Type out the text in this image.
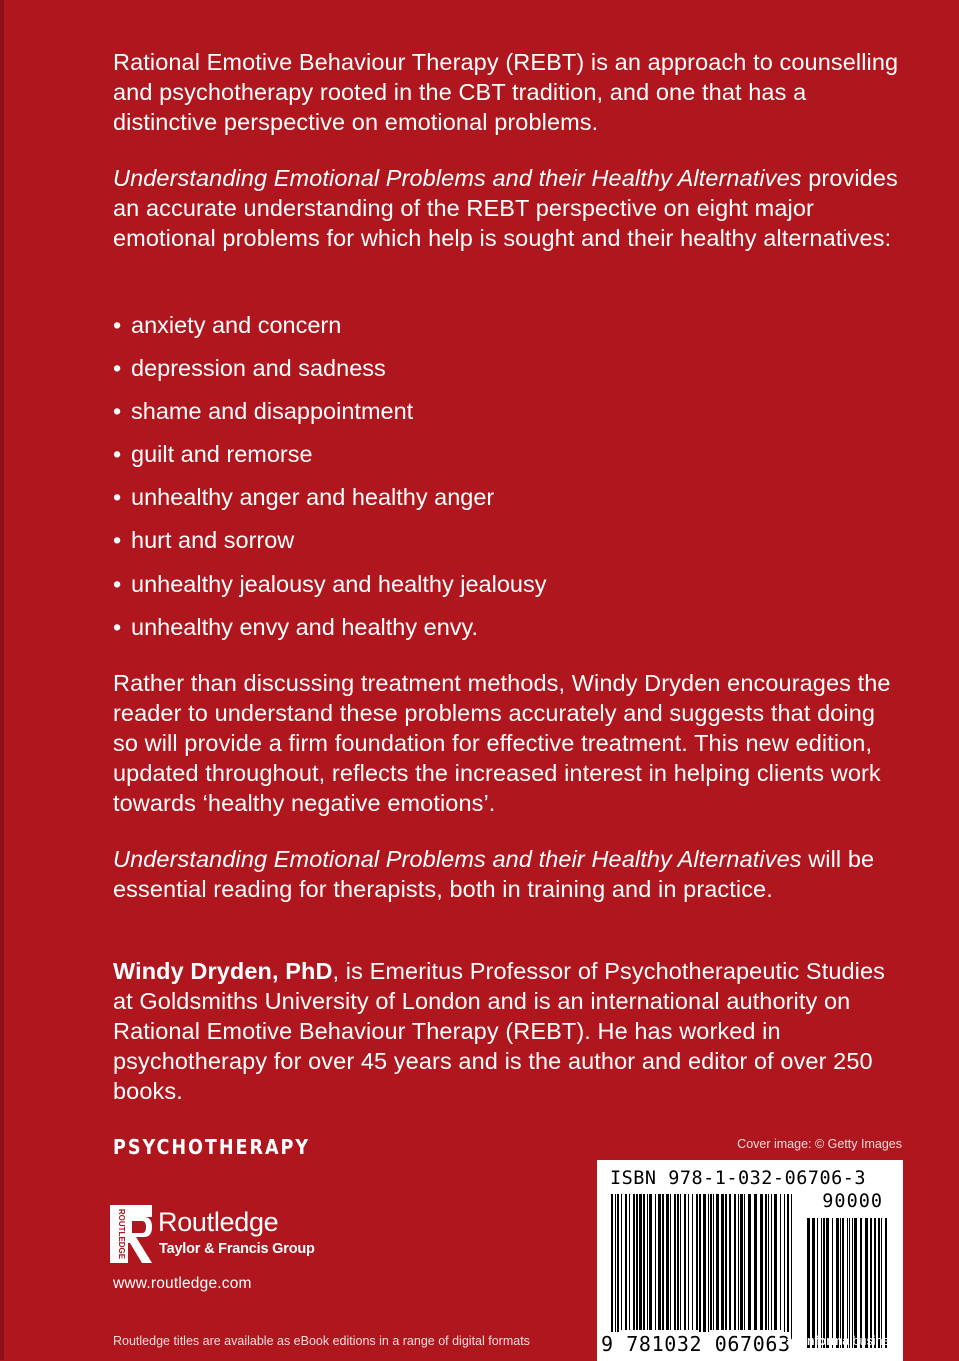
Rational Emotive Behaviour Therapy (REBT) is an approach to counselling and psychotherapy rooted in the CBT tradition, and one that has a distinctive perspective on emotional problems.

Understanding Emotional Problems and their Healthy Alternatives provides an accurate understanding of the REBT perspective on eight major emotional problems for which help is sought and their healthy alternatives:

• anxiety and concern
• depression and sadness
• shame and disappointment
• guilt and remorse
• unhealthy anger and healthy anger
• hurt and sorrow
• unhealthy jealousy and healthy jealousy
• unhealthy envy and healthy envy.

Rather than discussing treatment methods, Windy Dryden encourages the reader to understand these problems accurately and suggests that doing so will provide a firm foundation for effective treatment. This new edition, updated throughout, reflects the increased interest in helping clients work towards ‘healthy negative emotions’.

Understanding Emotional Problems and their Healthy Alternatives will be essential reading for therapists, both in training and in practice.

Windy Dryden, PhD, is Emeritus Professor of Psychotherapeutic Studies at Goldsmiths University of London and is an international authority on Rational Emotive Behaviour Therapy (REBT). He has worked in psychotherapy for over 45 years and is the author and editor of over 250 books.

PSYCHOTHERAPY	Cover image: © Getty Images
ISBN 978-1-032-06706-3
90000
9 781032 067063
ROUTLEDGE Routledge
Taylor & Francis Group
www.routledge.com
Routledge titles are available as eBook editions in a range of digital formats	an informa business
